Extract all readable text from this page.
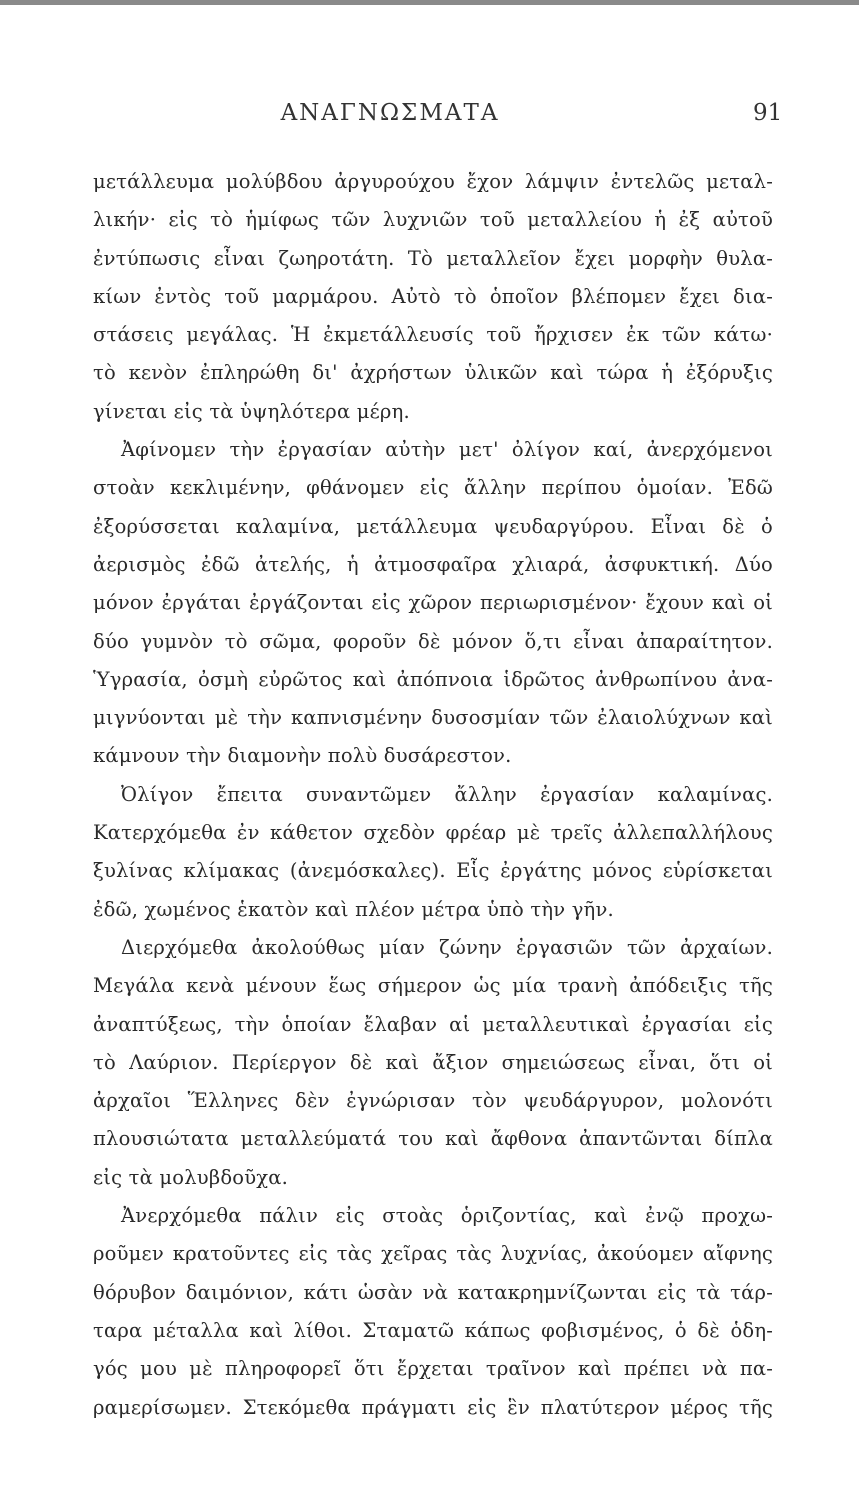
ΑΝΑΓΝΩΣΜΑΤΑ	91
μετάλλευμα μολύβδου ἀργυρούχου ἔχον λάμψιν ἐντελῶς μεταλ-
λικήν· εἰς τὸ ἡμίφως τῶν λυχνιῶν τοῦ μεταλλείου ἡ ἐξ αὐτοῦ
ἐντύπωσις εἶναι ζωηροτάτη. Τὸ μεταλλεῖον ἔχει μορφὴν θυλα-
κίων ἐντὸς τοῦ μαρμάρου. Αὐτὸ τὸ ὁποῖον βλέπομεν ἔχει δια-
στάσεις μεγάλας. Ἡ ἐκμετάλλευσίς τοῦ ἤρχισεν ἐκ τῶν κάτω·
τὸ κενὸν ἐπληρώθη δι' ἀχρήστων ὑλικῶν καὶ τώρα ἡ ἐξόρυξις
γίνεται εἰς τὰ ὑψηλότερα μέρη.
Ἀφίνομεν τὴν ἐργασίαν αὐτὴν μετ' ὀλίγον καί, ἀνερχόμενοι
στοὰν κεκλιμένην, φθάνομεν εἰς ἄλλην περίπου ὁμοίαν. Ἐδῶ
ἐξορύσσεται καλαμίνα, μετάλλευμα ψευδαργύρου. Εἶναι δὲ ὁ
ἀερισμὸς ἐδῶ ἀτελής, ἡ ἀτμοσφαῖρα χλιαρά, ἀσφυκτική. Δύο
μόνον ἐργάται ἐργάζονται εἰς χῶρον περιωρισμένον· ἔχουν καὶ οἱ
δύο γυμνὸν τὸ σῶμα, φοροῦν δὲ μόνον ὅ,τι εἶναι ἀπαραίτητον.
Ὑγρασία, ὀσμὴ εὐρῶτος καὶ ἀπόπνοια ἱδρῶτος ἀνθρωπίνου ἀνα-
μιγνύονται μὲ τὴν καπνισμένην δυσοσμίαν τῶν ἐλαιολύχνων καὶ
κάμνουν τὴν διαμονὴν πολὺ δυσάρεστον.
Ὀλίγον ἔπειτα συναντῶμεν ἄλλην ἐργασίαν καλαμίνας.
Κατερχόμεθα ἐν κάθετον σχεδὸν φρέαρ μὲ τρεῖς ἀλλεπαλλήλους
ξυλίνας κλίμακας (ἀνεμόσκαλες). Εἷς ἐργάτης μόνος εὑρίσκεται
ἐδῶ, χωμένος ἑκατὸν καὶ πλέον μέτρα ὑπὸ τὴν γῆν.
Διερχόμεθα ἀκολούθως μίαν ζώνην ἐργασιῶν τῶν ἀρχαίων.
Μεγάλα κενὰ μένουν ἕως σήμερον ὡς μία τρανὴ ἀπόδειξις τῆς
ἀναπτύξεως, τὴν ὁποίαν ἔλαβαν αἱ μεταλλευτικαὶ ἐργασίαι εἰς
τὸ Λαύριον. Περίεργον δὲ καὶ ἄξιον σημειώσεως εἶναι, ὅτι οἱ
ἀρχαῖοι Ἕλληνες δὲν ἐγνώρισαν τὸν ψευδάργυρον, μολονότι
πλουσιώτατα μεταλλεύματά του καὶ ἄφθονα ἀπαντῶνται δίπλα
εἰς τὰ μολυβδοῦχα.
Ἀνερχόμεθα πάλιν εἰς στοὰς ὁριζοντίας, καὶ ἐνῷ προχω-
ροῦμεν κρατοῦντες εἰς τὰς χεῖρας τὰς λυχνίας, ἀκούομεν αἴφνης
θόρυβον δαιμόνιον, κάτι ὡσὰν νὰ κατακρημνίζωνται εἰς τὰ τάρ-
ταρα μέταλλα καὶ λίθοι. Σταματῶ κάπως φοβισμένος, ὁ δὲ ὁδη-
γός μου μὲ πληροφορεῖ ὅτι ἔρχεται τραῖνον καὶ πρέπει νὰ πα-
ραμερίσωμεν. Στεκόμεθα πράγματι εἰς ἓν πλατύτερον μέρος τῆς
